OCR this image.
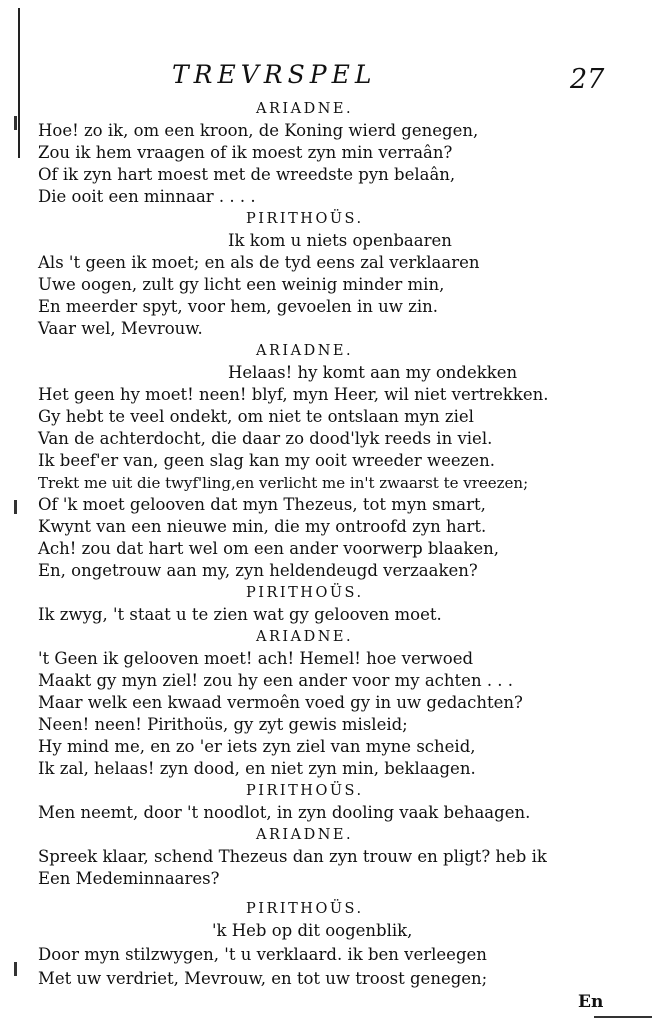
TREVRSPEL	27
ARIADNE.
Hoe! zo ik, om een kroon, de Koning wierd genegen,
Zou ik hem vraagen of ik moest zyn min verraân?
Of ik zyn hart moest met de wreedste pyn belaân,
Die ooit een minnaar . . . .
PIRITHOÜS.
Ik kom u niets openbaaren
Als 't geen ik moet; en als de tyd eens zal verklaaren
Uwe oogen, zult gy licht een weinig minder min,
En meerder spyt, voor hem, gevoelen in uw zin.
Vaar wel, Mevrouw.
ARIADNE.
Helaas! hy komt aan my ondekken
Het geen hy moet! neen! blyf, myn Heer, wil niet vertrekken.
Gy hebt te veel ondekt, om niet te ontslaan myn ziel
Van de achterdocht, die daar zo dood'lyk reeds in viel.
Ik beef'er van, geen slag kan my ooit wreeder weezen.
Trekt me uit die twyf'ling,en verlicht me in't zwaarst te vreezen;
Of 'k moet gelooven dat myn Thezeus, tot myn smart,
Kwynt van een nieuwe min, die my ontroofd zyn hart.
Ach! zou dat hart wel om een ander voorwerp blaaken,
En, ongetrouw aan my, zyn heldendeugd verzaaken?
PIRITHOÜS.
Ik zwyg, 't staat u te zien wat gy gelooven moet.
ARIADNE.
't Geen ik gelooven moet! ach! Hemel! hoe verwoed
Maakt gy myn ziel! zou hy een ander voor my achten . . .
Maar welk een kwaad vermoên voed gy in uw gedachten?
Neen! neen! Pirithoüs, gy zyt gewis misleid;
Hy mind me, en zo 'er iets zyn ziel van myne scheid,
Ik zal, helaas! zyn dood, en niet zyn min, beklaagen.
PIRITHOÜS.
Men neemt, door 't noodlot, in zyn dooling vaak behaagen.
ARIADNE.
Spreek klaar, schend Thezeus dan zyn trouw en pligt? heb ik
Een Medeminnaares?
PIRITHOÜS.
'k Heb op dit oogenblik,
Door myn stilzwygen, 't u verklaard. ik ben verleegen
Met uw verdriet, Mevrouw, en tot uw troost genegen;
En
